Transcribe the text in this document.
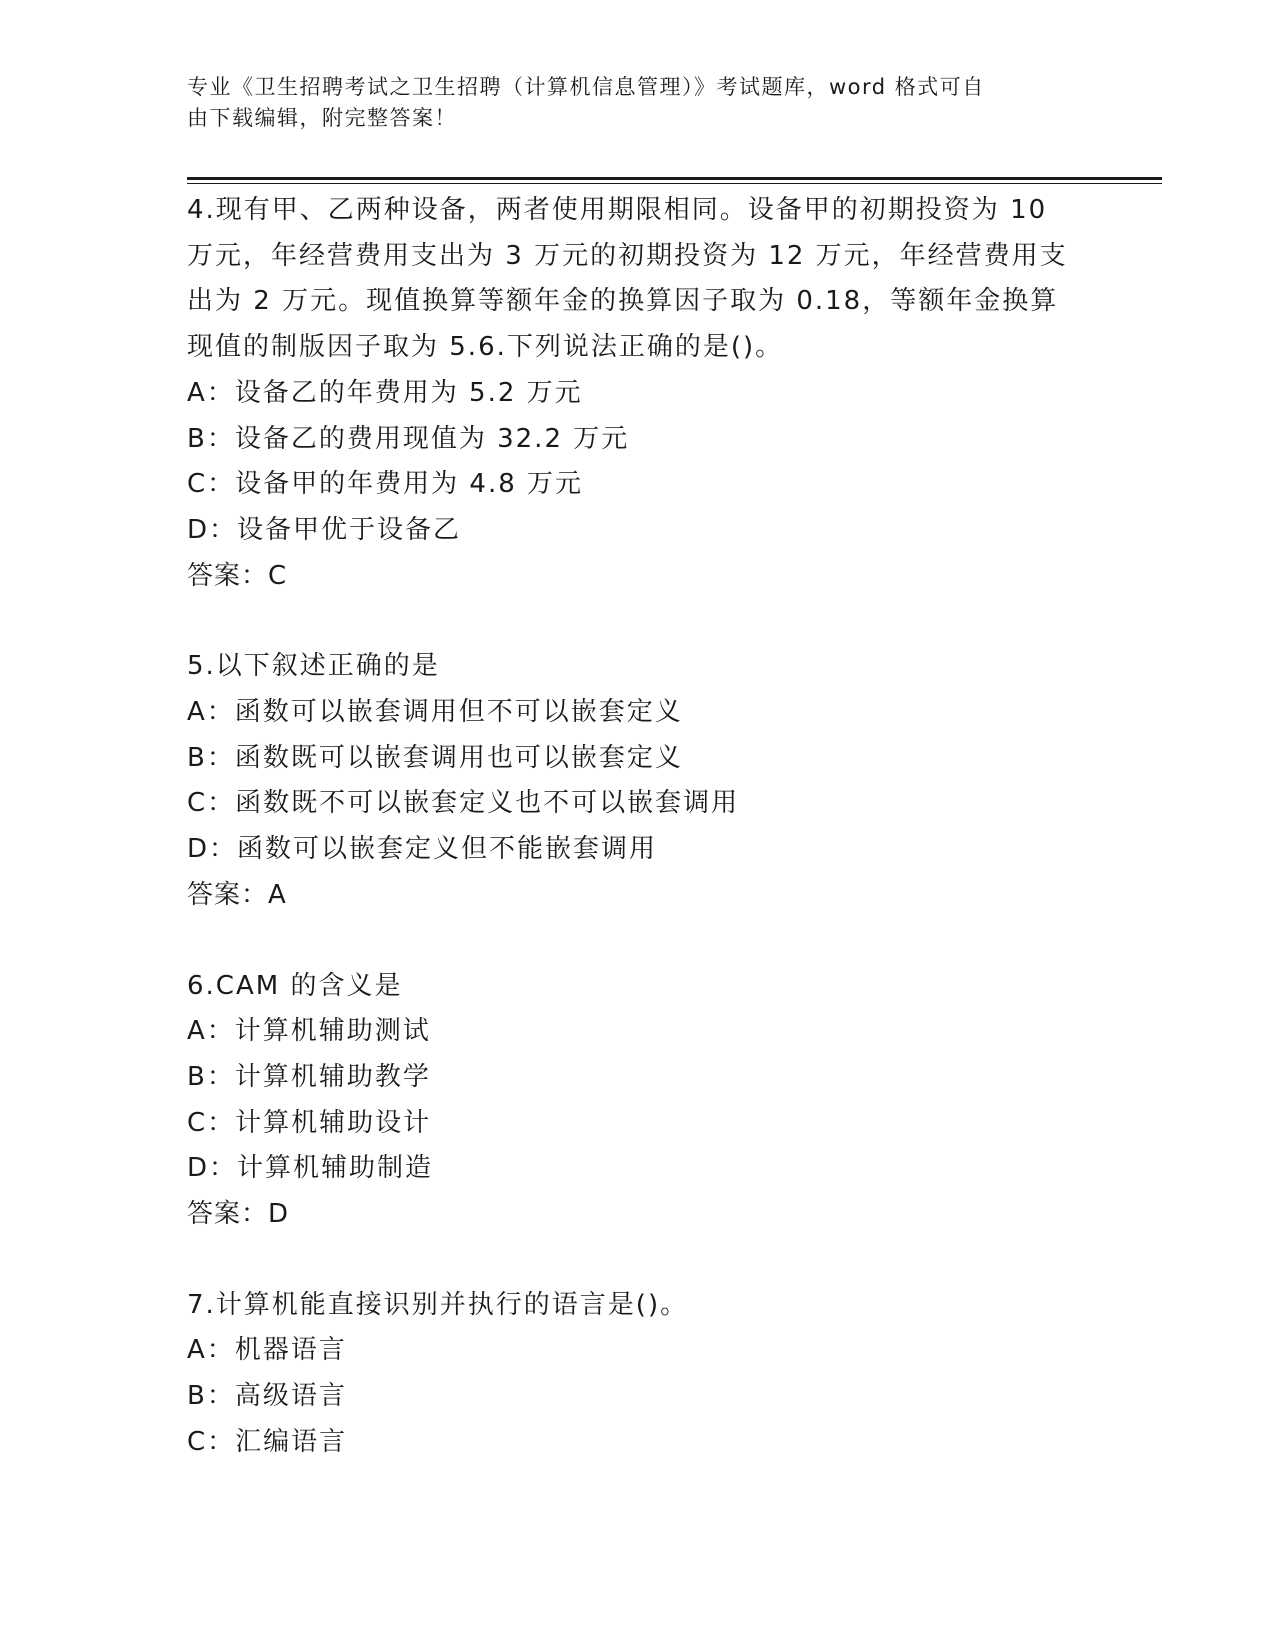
专业《卫生招聘考试之卫生招聘（计算机信息管理）》考试题库，word 格式可自
由下载编辑，附完整答案！
4.现有甲、乙两种设备，两者使用期限相同。设备甲的初期投资为 10
万元，年经营费用支出为 3 万元的初期投资为 12 万元，年经营费用支
出为 2 万元。现值换算等额年金的换算因子取为 0.18，等额年金换算
现值的制版因子取为 5.6.下列说法正确的是()。
A：设备乙的年费用为 5.2 万元
B：设备乙的费用现值为 32.2 万元
C：设备甲的年费用为 4.8 万元
D：设备甲优于设备乙
答案：C
5.以下叙述正确的是
A：函数可以嵌套调用但不可以嵌套定义
B：函数既可以嵌套调用也可以嵌套定义
C：函数既不可以嵌套定义也不可以嵌套调用
D：函数可以嵌套定义但不能嵌套调用
答案：A
6.CAM 的含义是
A：计算机辅助测试
B：计算机辅助教学
C：计算机辅助设计
D：计算机辅助制造
答案：D
7.计算机能直接识别并执行的语言是()。
A：机器语言
B：高级语言
C：汇编语言
